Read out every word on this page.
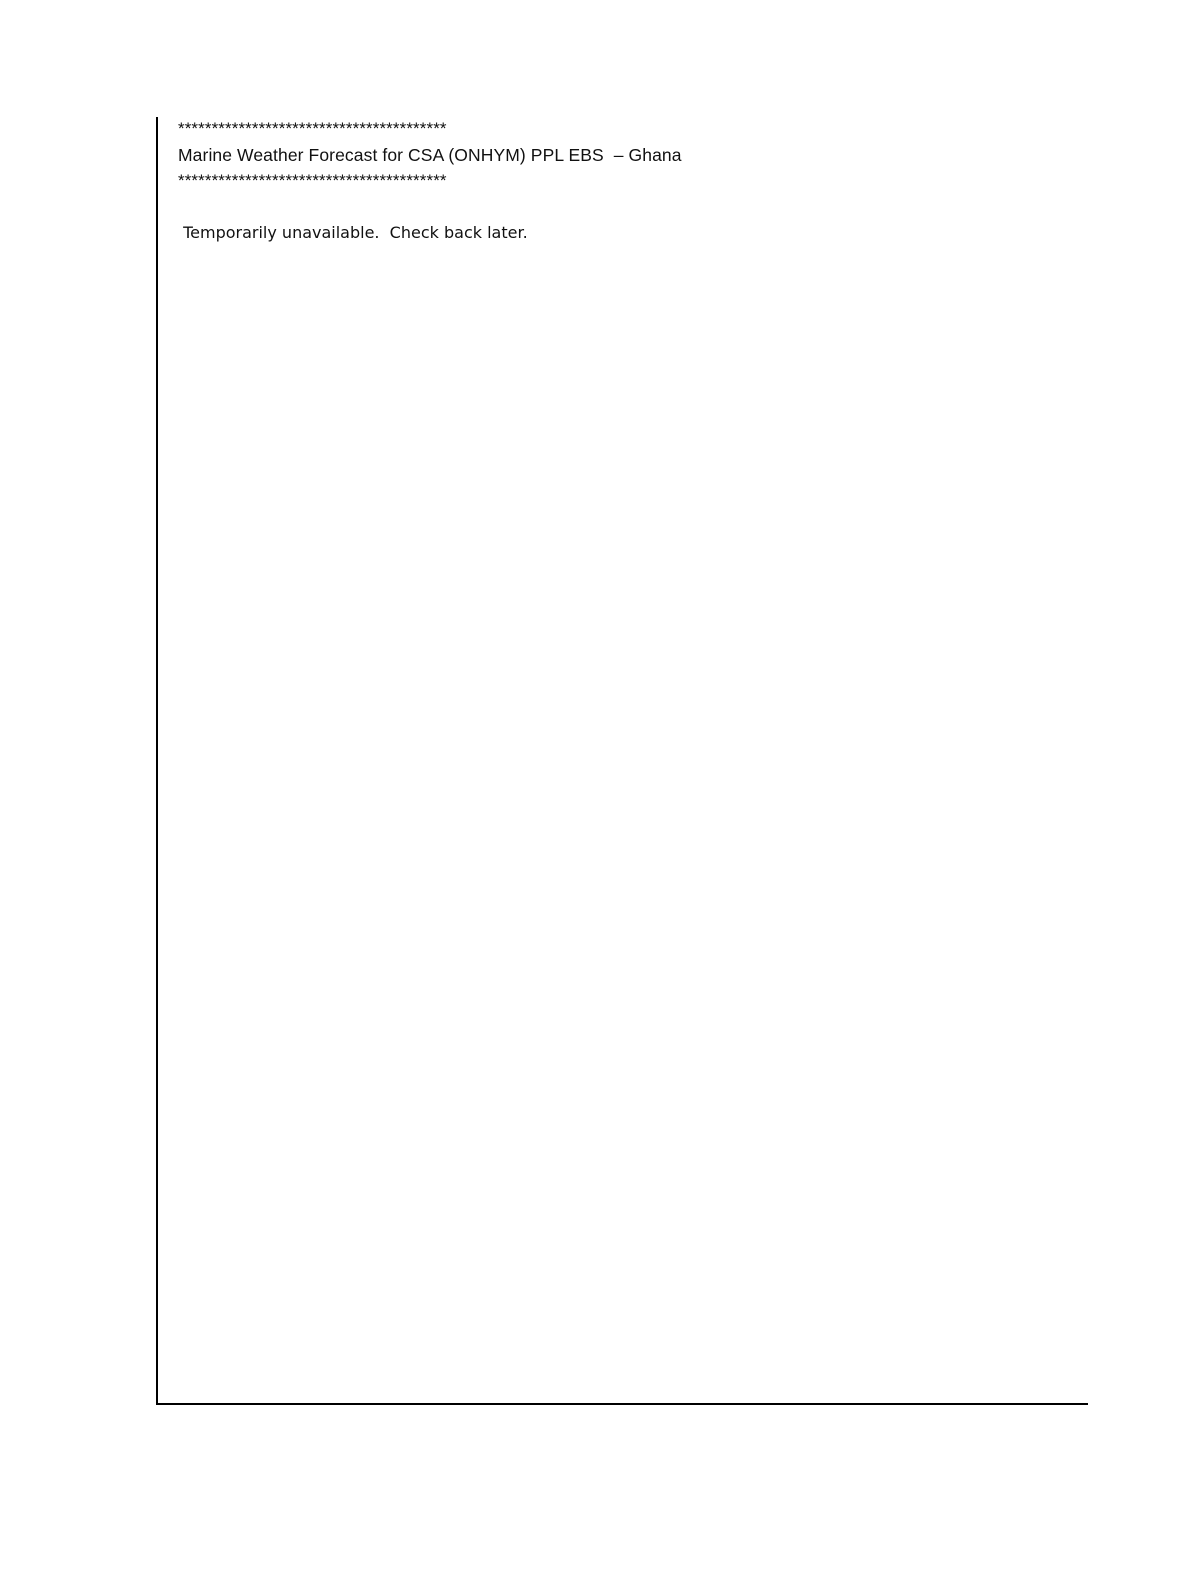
****************************************
Marine Weather Forecast for CSA (ONHYM) PPL EBS  – Ghana
****************************************
Temporarily unavailable.  Check back later.
